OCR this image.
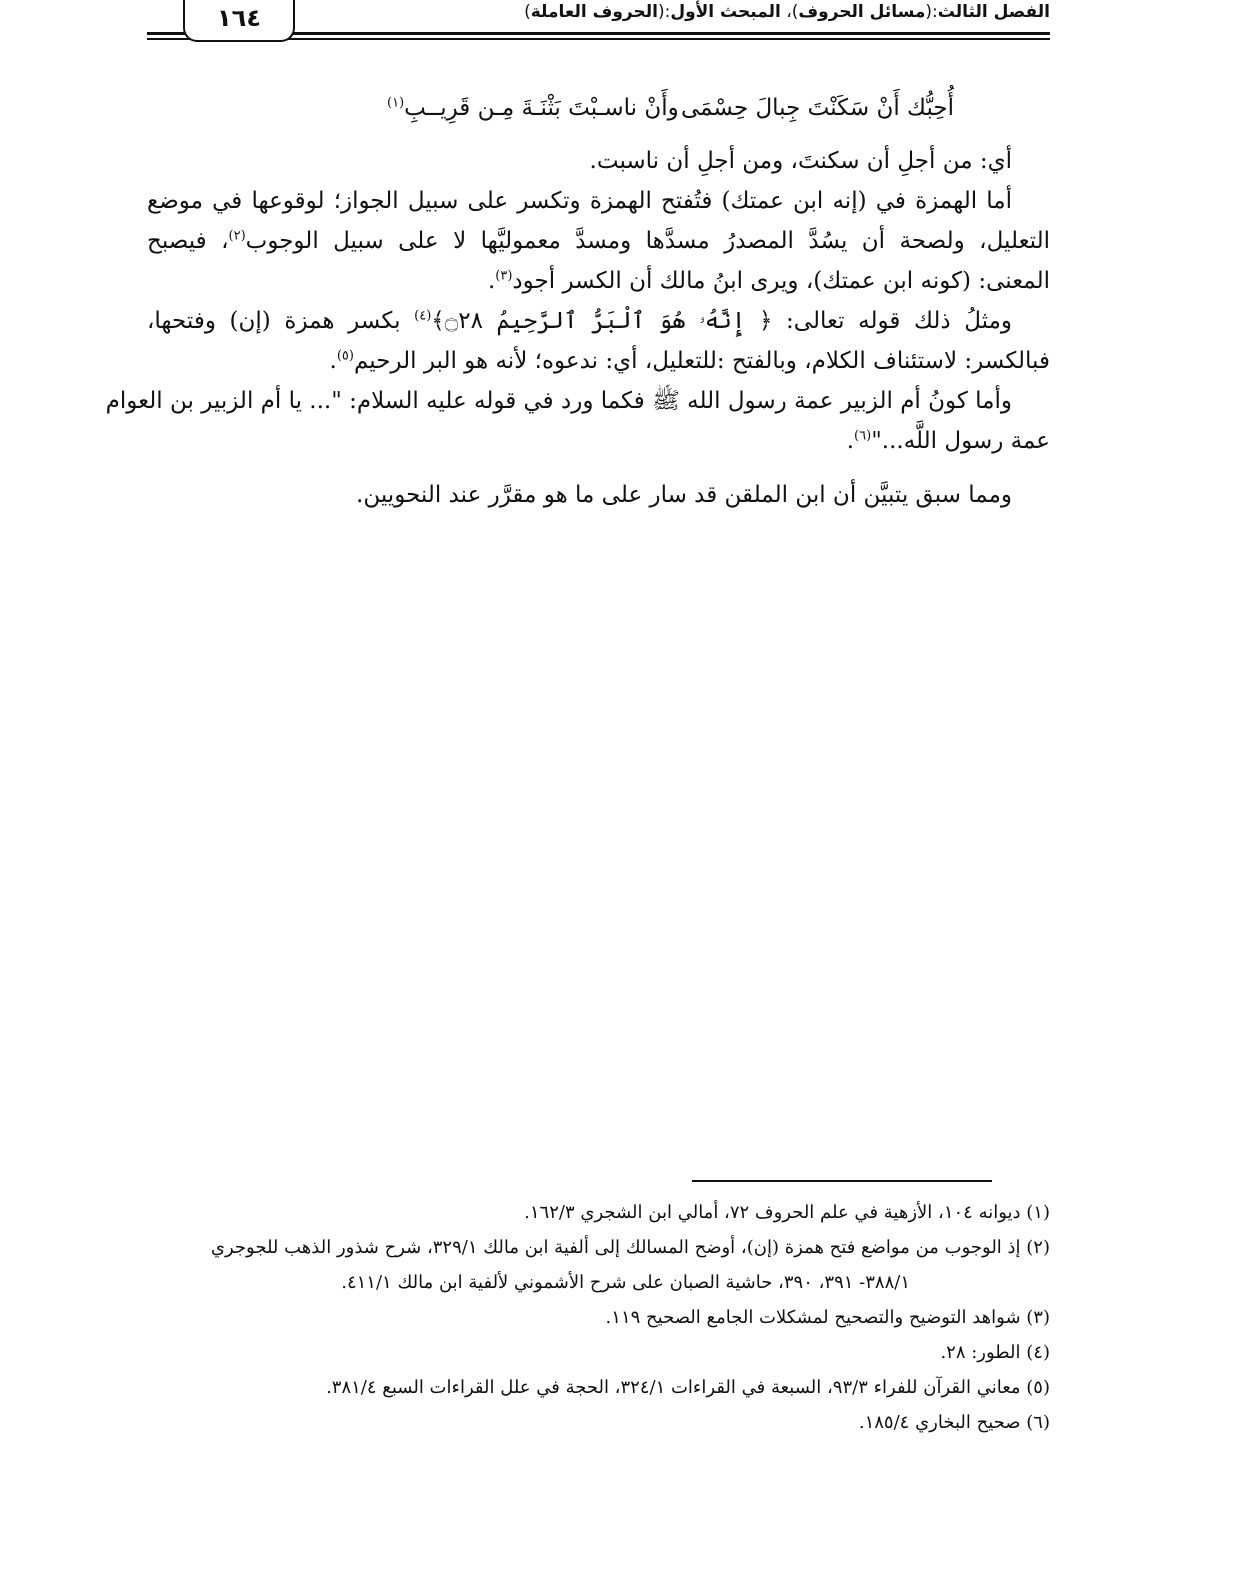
١٦٤	الفصل الثالث:(مسائل الحروف)، المبحث الأول:(الحروف العاملة)
أُحِبُّك أَنْ سَكَنْتَ جِبالَ حِسْمَى
وأَنْ ناسـبْتَ بَثْنَـةَ مِـن قَرِيــبِ$^{(١)}$
أي: من أجلِ أن سكنتَ، ومن أجلِ أن ناسبت.
أما الهمزة في (إنه ابن عمتك) فتُفتح الهمزة وتكسر على سبيل الجواز؛ لوقوعها في موضع
التعليل، ولصحة أن يسُدَّ المصدرُ مسدَّها ومسدَّ معموليَّها لا على سبيل الوجوب$^{(٢)}$، فيصبح
المعنى: (كونه ابن عمتك)، ويرى ابنُ مالك أن الكسر أجود$^{(٣)}$.
ومثلُ ذلك قوله تعالى: ﴿ إِنَّهُۥ هُوَ ٱلْبَرُّ ٱلرَّحِيمُ ۝٢٨﴾$^{(٤)}$ بكسر همزة (إن) وفتحها،
فبالكسر: لاستئناف الكلام، وبالفتح :للتعليل، أي: ندعوه؛ لأنه هو البر الرحيم$^{(٥)}$.
وأما كونُ أم الزبير عمة رسول الله ﷺ فكما ورد في قوله عليه السلام: "... يا أم الزبير بن العوام
عمة رسول اللَّه..."$^{(٦)}$.
ومما سبق يتبيَّن أن ابن الملقن قد سار على ما هو مقرَّر عند النحويين.
(١) ديوانه ١٠٤، الأزهية في علم الحروف ٧٢، أمالي ابن الشجري ١٦٢/٣.
(٢) إذ الوجوب من مواضع فتح همزة (إن)، أوضح المسالك إلى ألفية ابن مالك ٣٢٩/١، شرح شذور الذهب للجوجري
٣٨٨/١- ٣٩١، ٣٩٠، حاشية الصبان على شرح الأشموني لألفية ابن مالك ٤١١/١.
(٣) شواهد التوضيح والتصحيح لمشكلات الجامع الصحيح ١١٩.
(٤) الطور: ٢٨.
(٥) معاني القرآن للفراء ٩٣/٣، السبعة في القراءات ٣٢٤/١، الحجة في علل القراءات السبع ٣٨١/٤.
(٦) صحيح البخاري ١٨٥/٤.
